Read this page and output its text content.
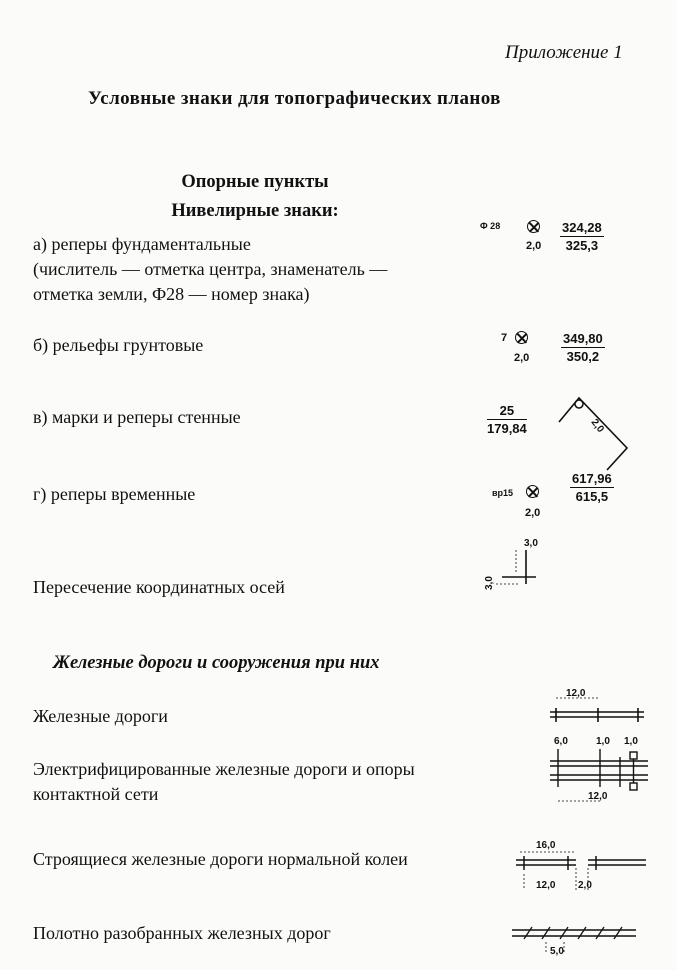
Приложение 1
Условные знаки для топографических планов
Опорные пункты
Нивелирные знаки:
а) реперы фундаментальные
(числитель — отметка центра, знаменатель —
отметка земли, Ф28 — номер знака)
Ф 28
$2,0 \frac{324,28}{325,3}$
б) рельефы грунтовые	7
$2,0 \frac{349,80}{350,2}$
в) марки и реперы стенные	$\frac{25}{179,84}$	2,0
г) реперы временные	вр15
2,0
$\frac{617,96}{615,5}$
Пересечение координатных осей
3,0
3,0
Железные дороги и сооружения при них
Железные дороги
12,0
Электрифицированные железные дороги и опоры
контактной сети
6,0	1,0 1,0
12,0
Строящиеся железные дороги нормальной колеи
16,0
12,0 2,0
Полотно разобранных железных дорог
5,0
